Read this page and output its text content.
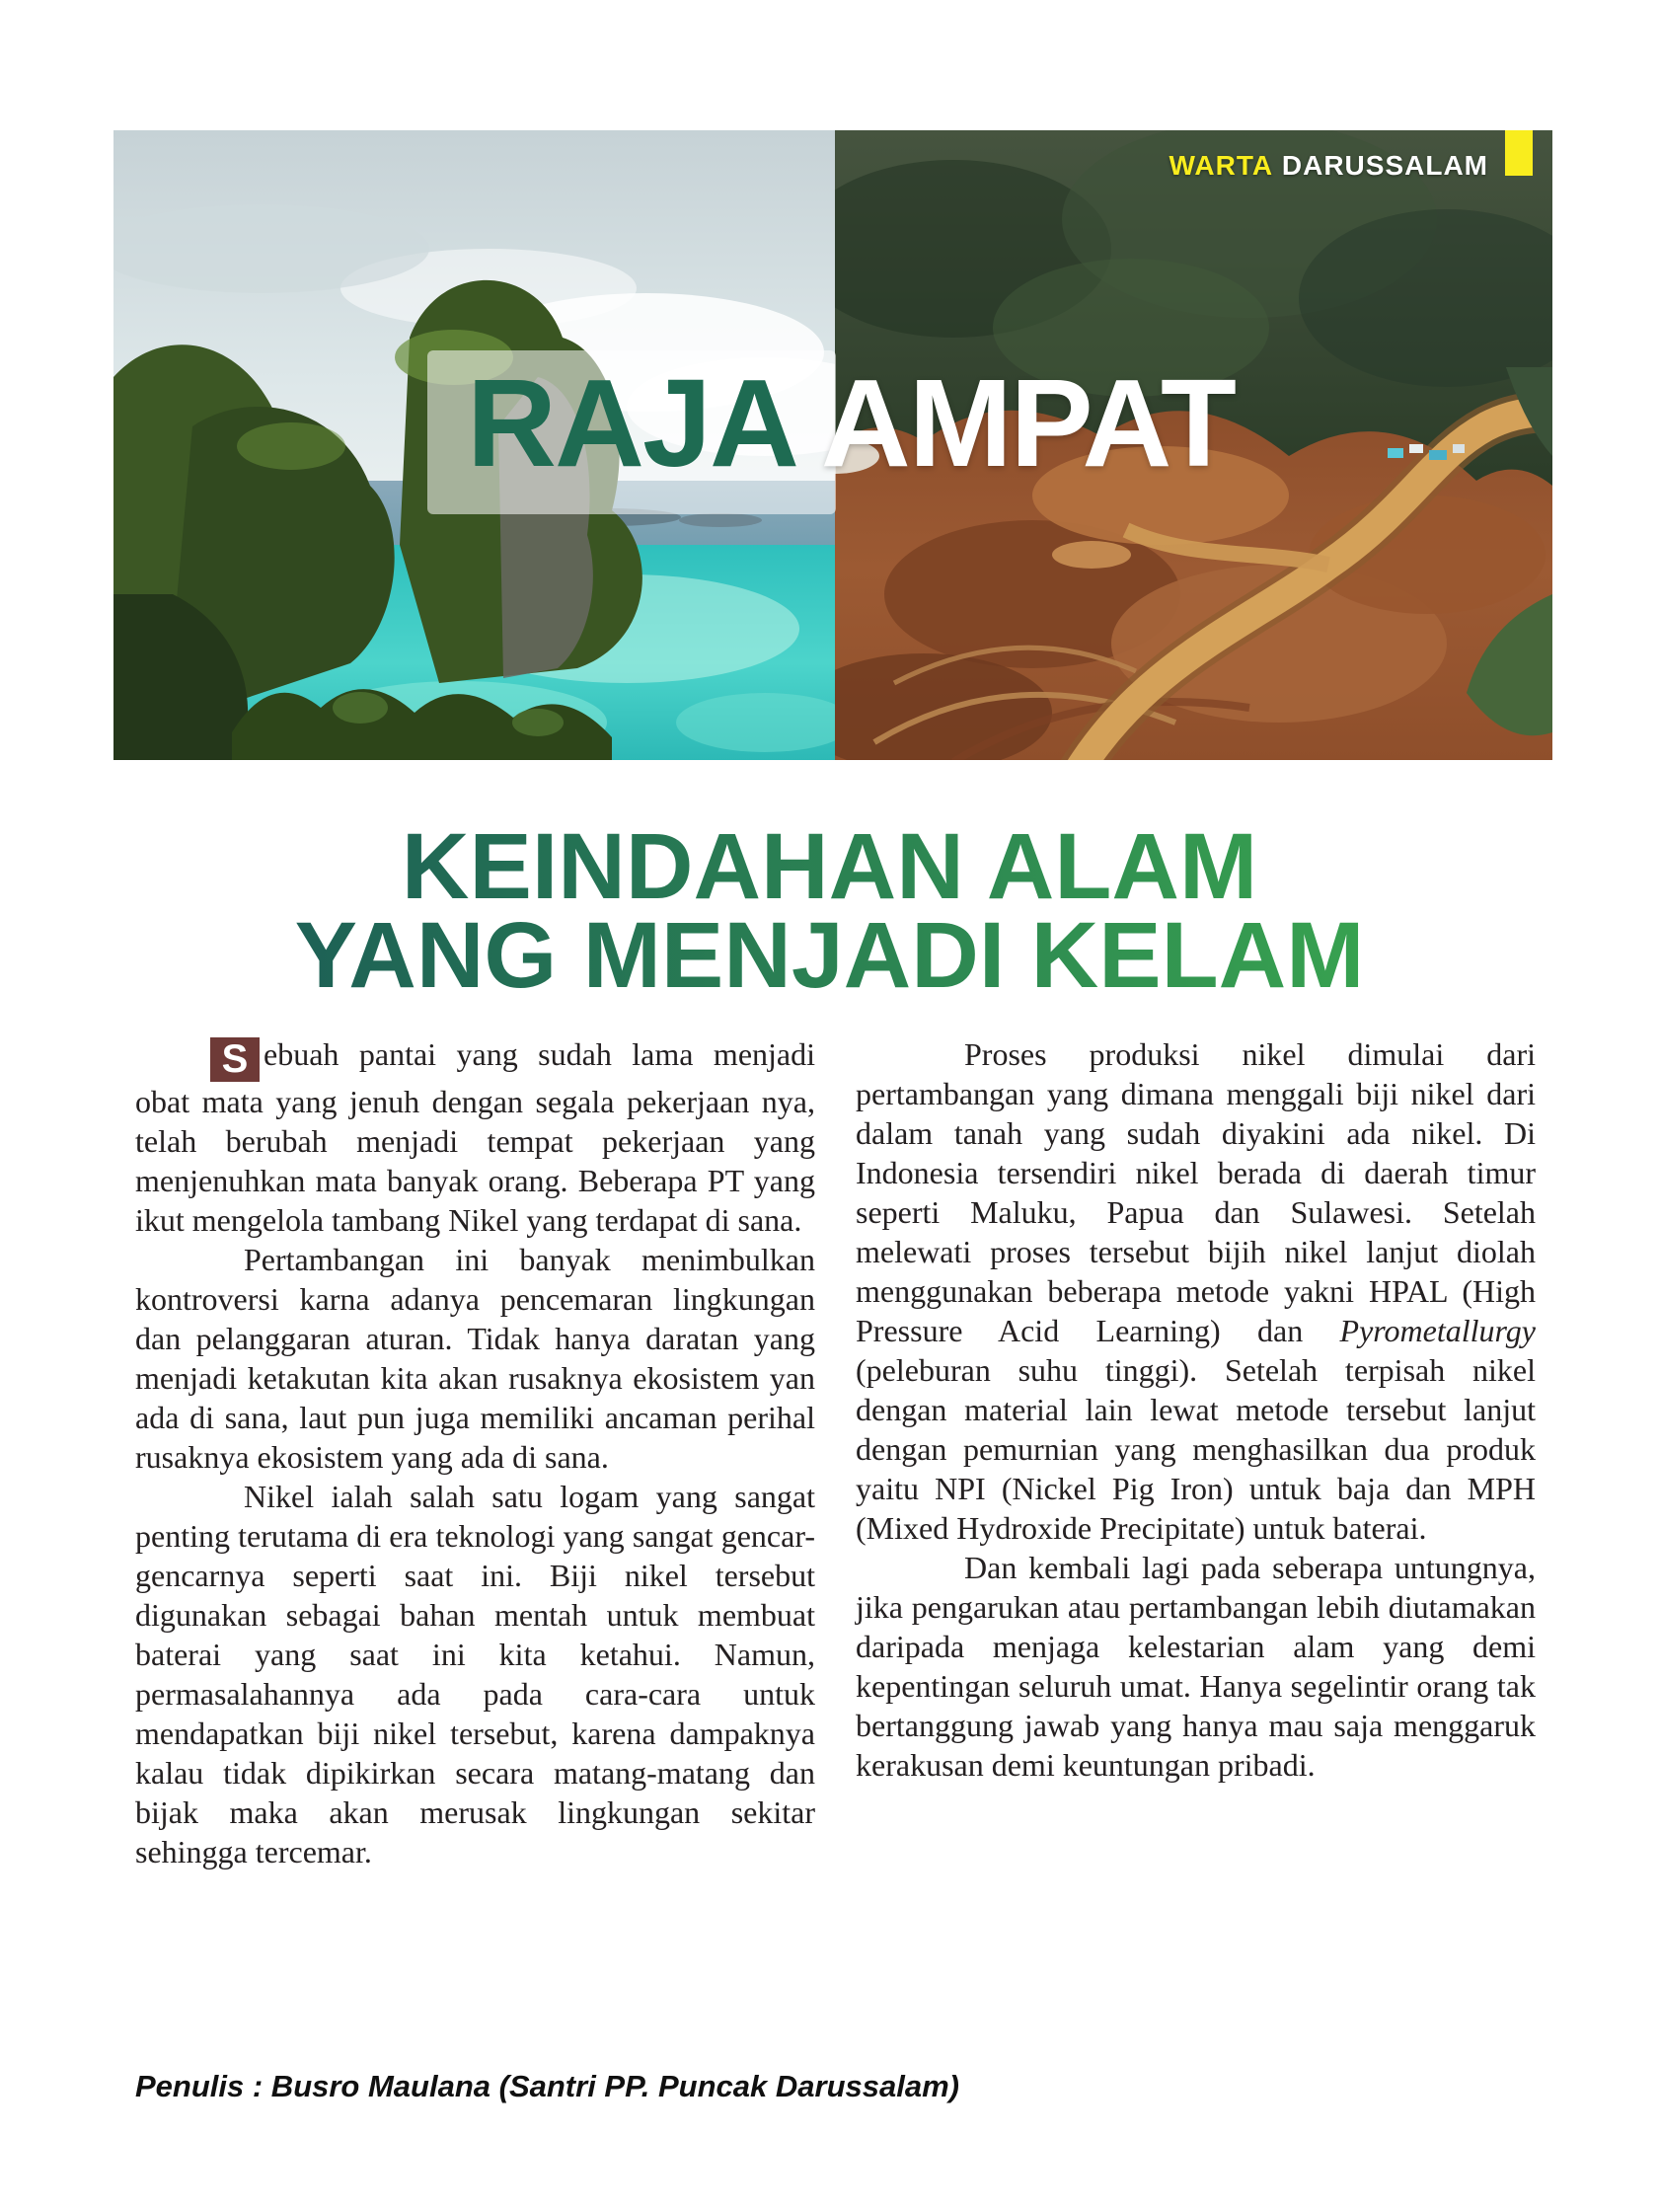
WARTA DARUSSALAM
RAJA AMPAT
KEINDAHAN ALAM
YANG MENJADI KELAM

S ebuah pantai yang sudah lama menjadi obat mata yang jenuh dengan segala pekerjaan nya, telah berubah menjadi tempat pekerjaan yang menjenuhkan mata banyak orang. Beberapa PT yang ikut mengelola tambang Nikel yang terdapat di sana.

Pertambangan ini banyak menimbulkan kontroversi karna adanya pencemaran lingkungan dan pelanggaran aturan. Tidak hanya daratan yang menjadi ketakutan kita akan rusaknya ekosistem yan ada di sana, laut pun juga memiliki ancaman perihal rusaknya ekosistem yang ada di sana.

Nikel ialah salah satu logam yang sangat penting terutama di era teknologi yang sangat gencar-gencarnya seperti saat ini. Biji nikel tersebut digunakan sebagai bahan mentah untuk membuat baterai yang saat ini kita ketahui. Namun, permasalahannya ada pada cara-cara untuk mendapatkan biji nikel tersebut, karena dampaknya kalau tidak dipikirkan secara matang-matang dan bijak maka akan merusak lingkungan sekitar sehingga tercemar.

Proses produksi nikel dimulai dari pertambangan yang dimana menggali biji nikel dari dalam tanah yang sudah diyakini ada nikel. Di Indonesia tersendiri nikel berada di daerah timur seperti Maluku, Papua dan Sulawesi. Setelah melewati proses tersebut bijih nikel lanjut diolah menggunakan beberapa metode yakni HPAL (High Pressure Acid Learning) dan Pyrometallurgy (peleburan suhu tinggi). Setelah terpisah nikel dengan material lain lewat metode tersebut lanjut dengan pemurnian yang menghasilkan dua produk yaitu NPI (Nickel Pig Iron) untuk baja dan MPH (Mixed Hydroxide Precipitate) untuk baterai.

Dan kembali lagi pada seberapa untungnya, jika pengarukan atau pertambangan lebih diutamakan daripada menjaga kelestarian alam yang demi kepentingan seluruh umat. Hanya segelintir orang tak bertanggung jawab yang hanya mau saja menggaruk kerakusan demi keuntungan pribadi.

Penulis : Busro Maulana (Santri PP. Puncak Darussalam)
